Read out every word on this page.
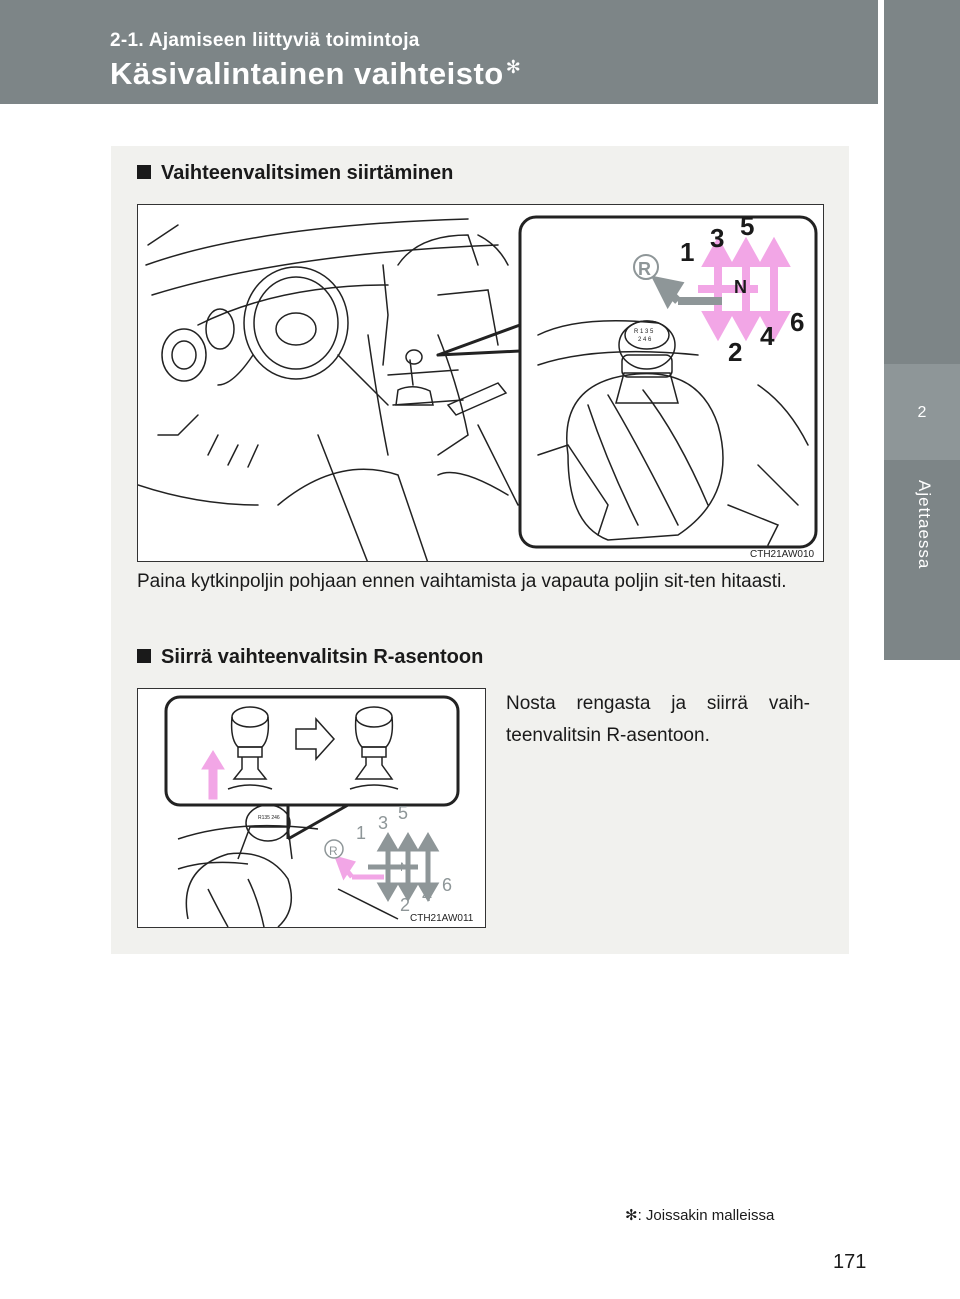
2-1. Ajamiseen liittyviä toimintoja
Käsivalintainen vaihteisto ✻
2
Ajettaessa
Vaihteenvalitsimen siirtäminen
R 1 3 5
2 4 6
R
1 3 5
N
2
4 6
CTH21AW010
Paina kytkinpoljin pohjaan ennen vaihtamista ja vapauta poljin sit-ten hitaasti.
Siirrä vaihteenvalitsin R-asentoon
R135 246
R
1 3 5
N
2 4 6
CTH21AW011
Nosta rengasta ja siirrä vaih-teenvalitsin R-asentoon.
✻: Joissakin malleissa
171
